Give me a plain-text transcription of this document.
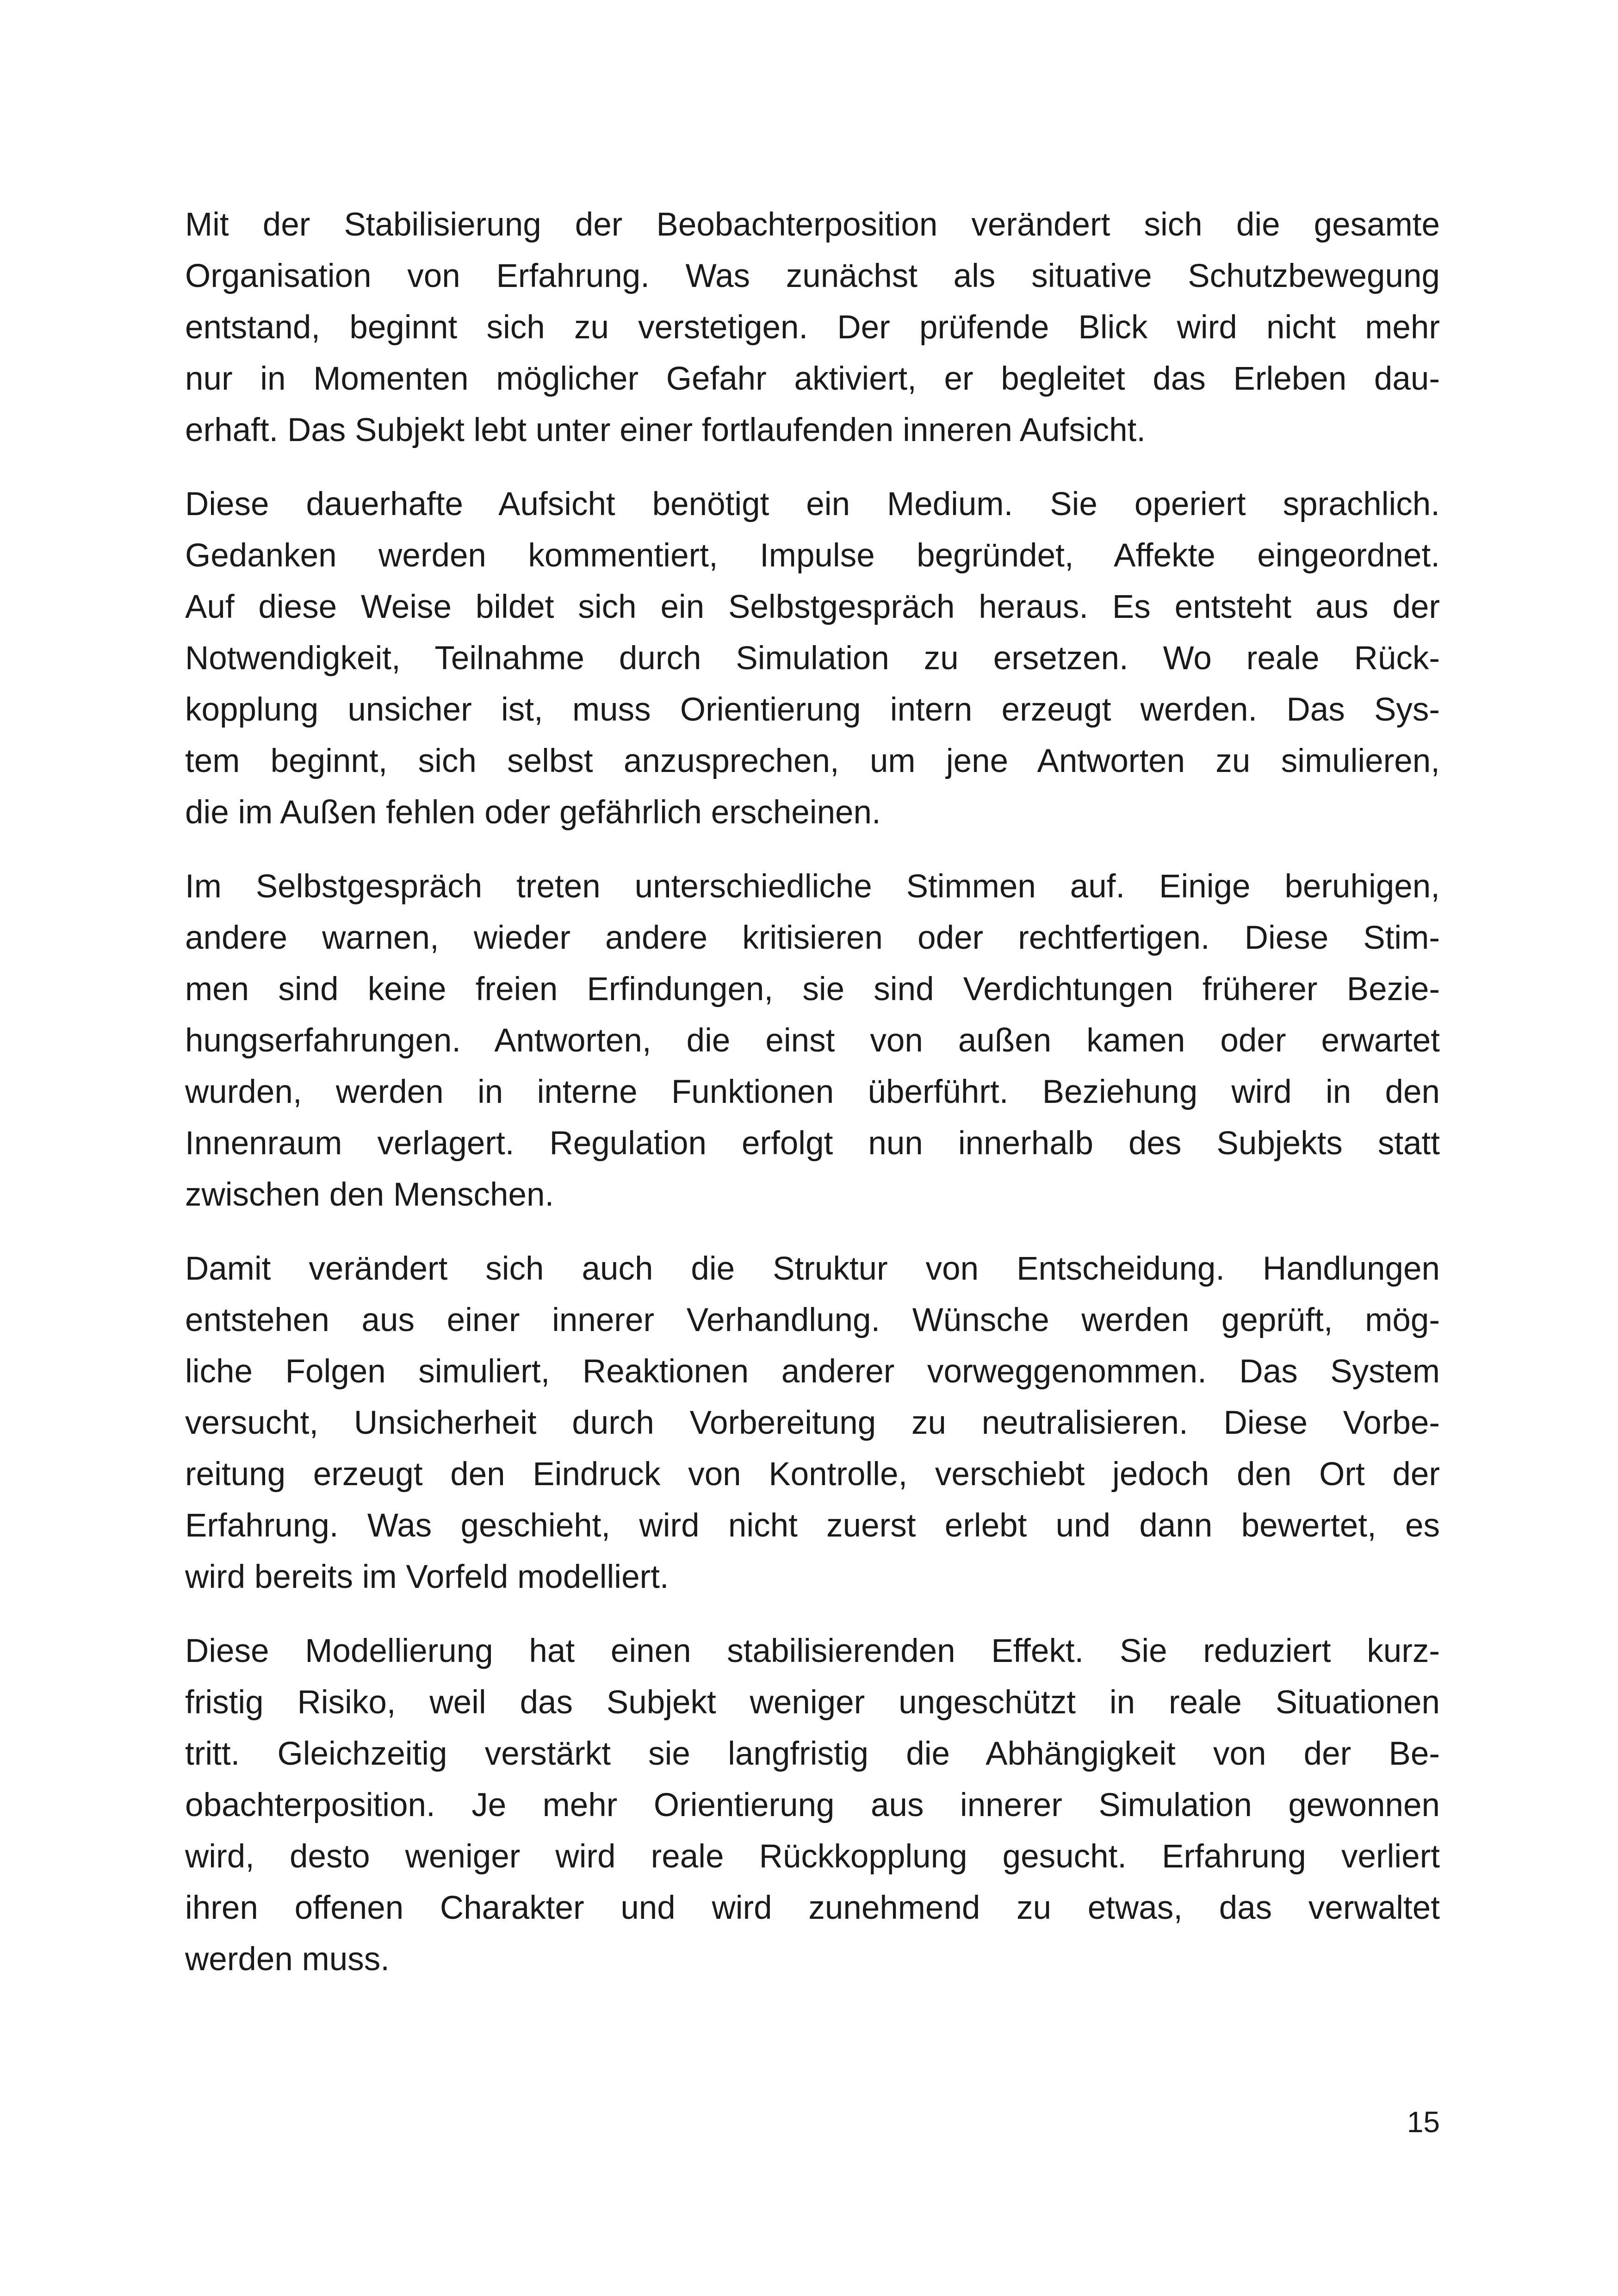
Mit der Stabilisierung der Beobachterposition verändert sich die gesamte
Organisation von Erfahrung. Was zunächst als situative Schutzbewegung
entstand, beginnt sich zu verstetigen. Der prüfende Blick wird nicht mehr
nur in Momenten möglicher Gefahr aktiviert, er begleitet das Erleben dau-
erhaft. Das Subjekt lebt unter einer fortlaufenden inneren Aufsicht.
Diese dauerhafte Aufsicht benötigt ein Medium. Sie operiert sprachlich.
Gedanken werden kommentiert, Impulse begründet, Affekte eingeordnet.
Auf diese Weise bildet sich ein Selbstgespräch heraus. Es entsteht aus der
Notwendigkeit, Teilnahme durch Simulation zu ersetzen. Wo reale Rück-
kopplung unsicher ist, muss Orientierung intern erzeugt werden. Das Sys-
tem beginnt, sich selbst anzusprechen, um jene Antworten zu simulieren,
die im Außen fehlen oder gefährlich erscheinen.
Im Selbstgespräch treten unterschiedliche Stimmen auf. Einige beruhigen,
andere warnen, wieder andere kritisieren oder rechtfertigen. Diese Stim-
men sind keine freien Erfindungen, sie sind Verdichtungen früherer Bezie-
hungserfahrungen. Antworten, die einst von außen kamen oder erwartet
wurden, werden in interne Funktionen überführt. Beziehung wird in den
Innenraum verlagert. Regulation erfolgt nun innerhalb des Subjekts statt
zwischen den Menschen.
Damit verändert sich auch die Struktur von Entscheidung. Handlungen
entstehen aus einer innerer Verhandlung. Wünsche werden geprüft, mög-
liche Folgen simuliert, Reaktionen anderer vorweggenommen. Das System
versucht, Unsicherheit durch Vorbereitung zu neutralisieren. Diese Vorbe-
reitung erzeugt den Eindruck von Kontrolle, verschiebt jedoch den Ort der
Erfahrung. Was geschieht, wird nicht zuerst erlebt und dann bewertet, es
wird bereits im Vorfeld modelliert.
Diese Modellierung hat einen stabilisierenden Effekt. Sie reduziert kurz-
fristig Risiko, weil das Subjekt weniger ungeschützt in reale Situationen
tritt. Gleichzeitig verstärkt sie langfristig die Abhängigkeit von der Be-
obachterposition. Je mehr Orientierung aus innerer Simulation gewonnen
wird, desto weniger wird reale Rückkopplung gesucht. Erfahrung verliert
ihren offenen Charakter und wird zunehmend zu etwas, das verwaltet
werden muss.
15
